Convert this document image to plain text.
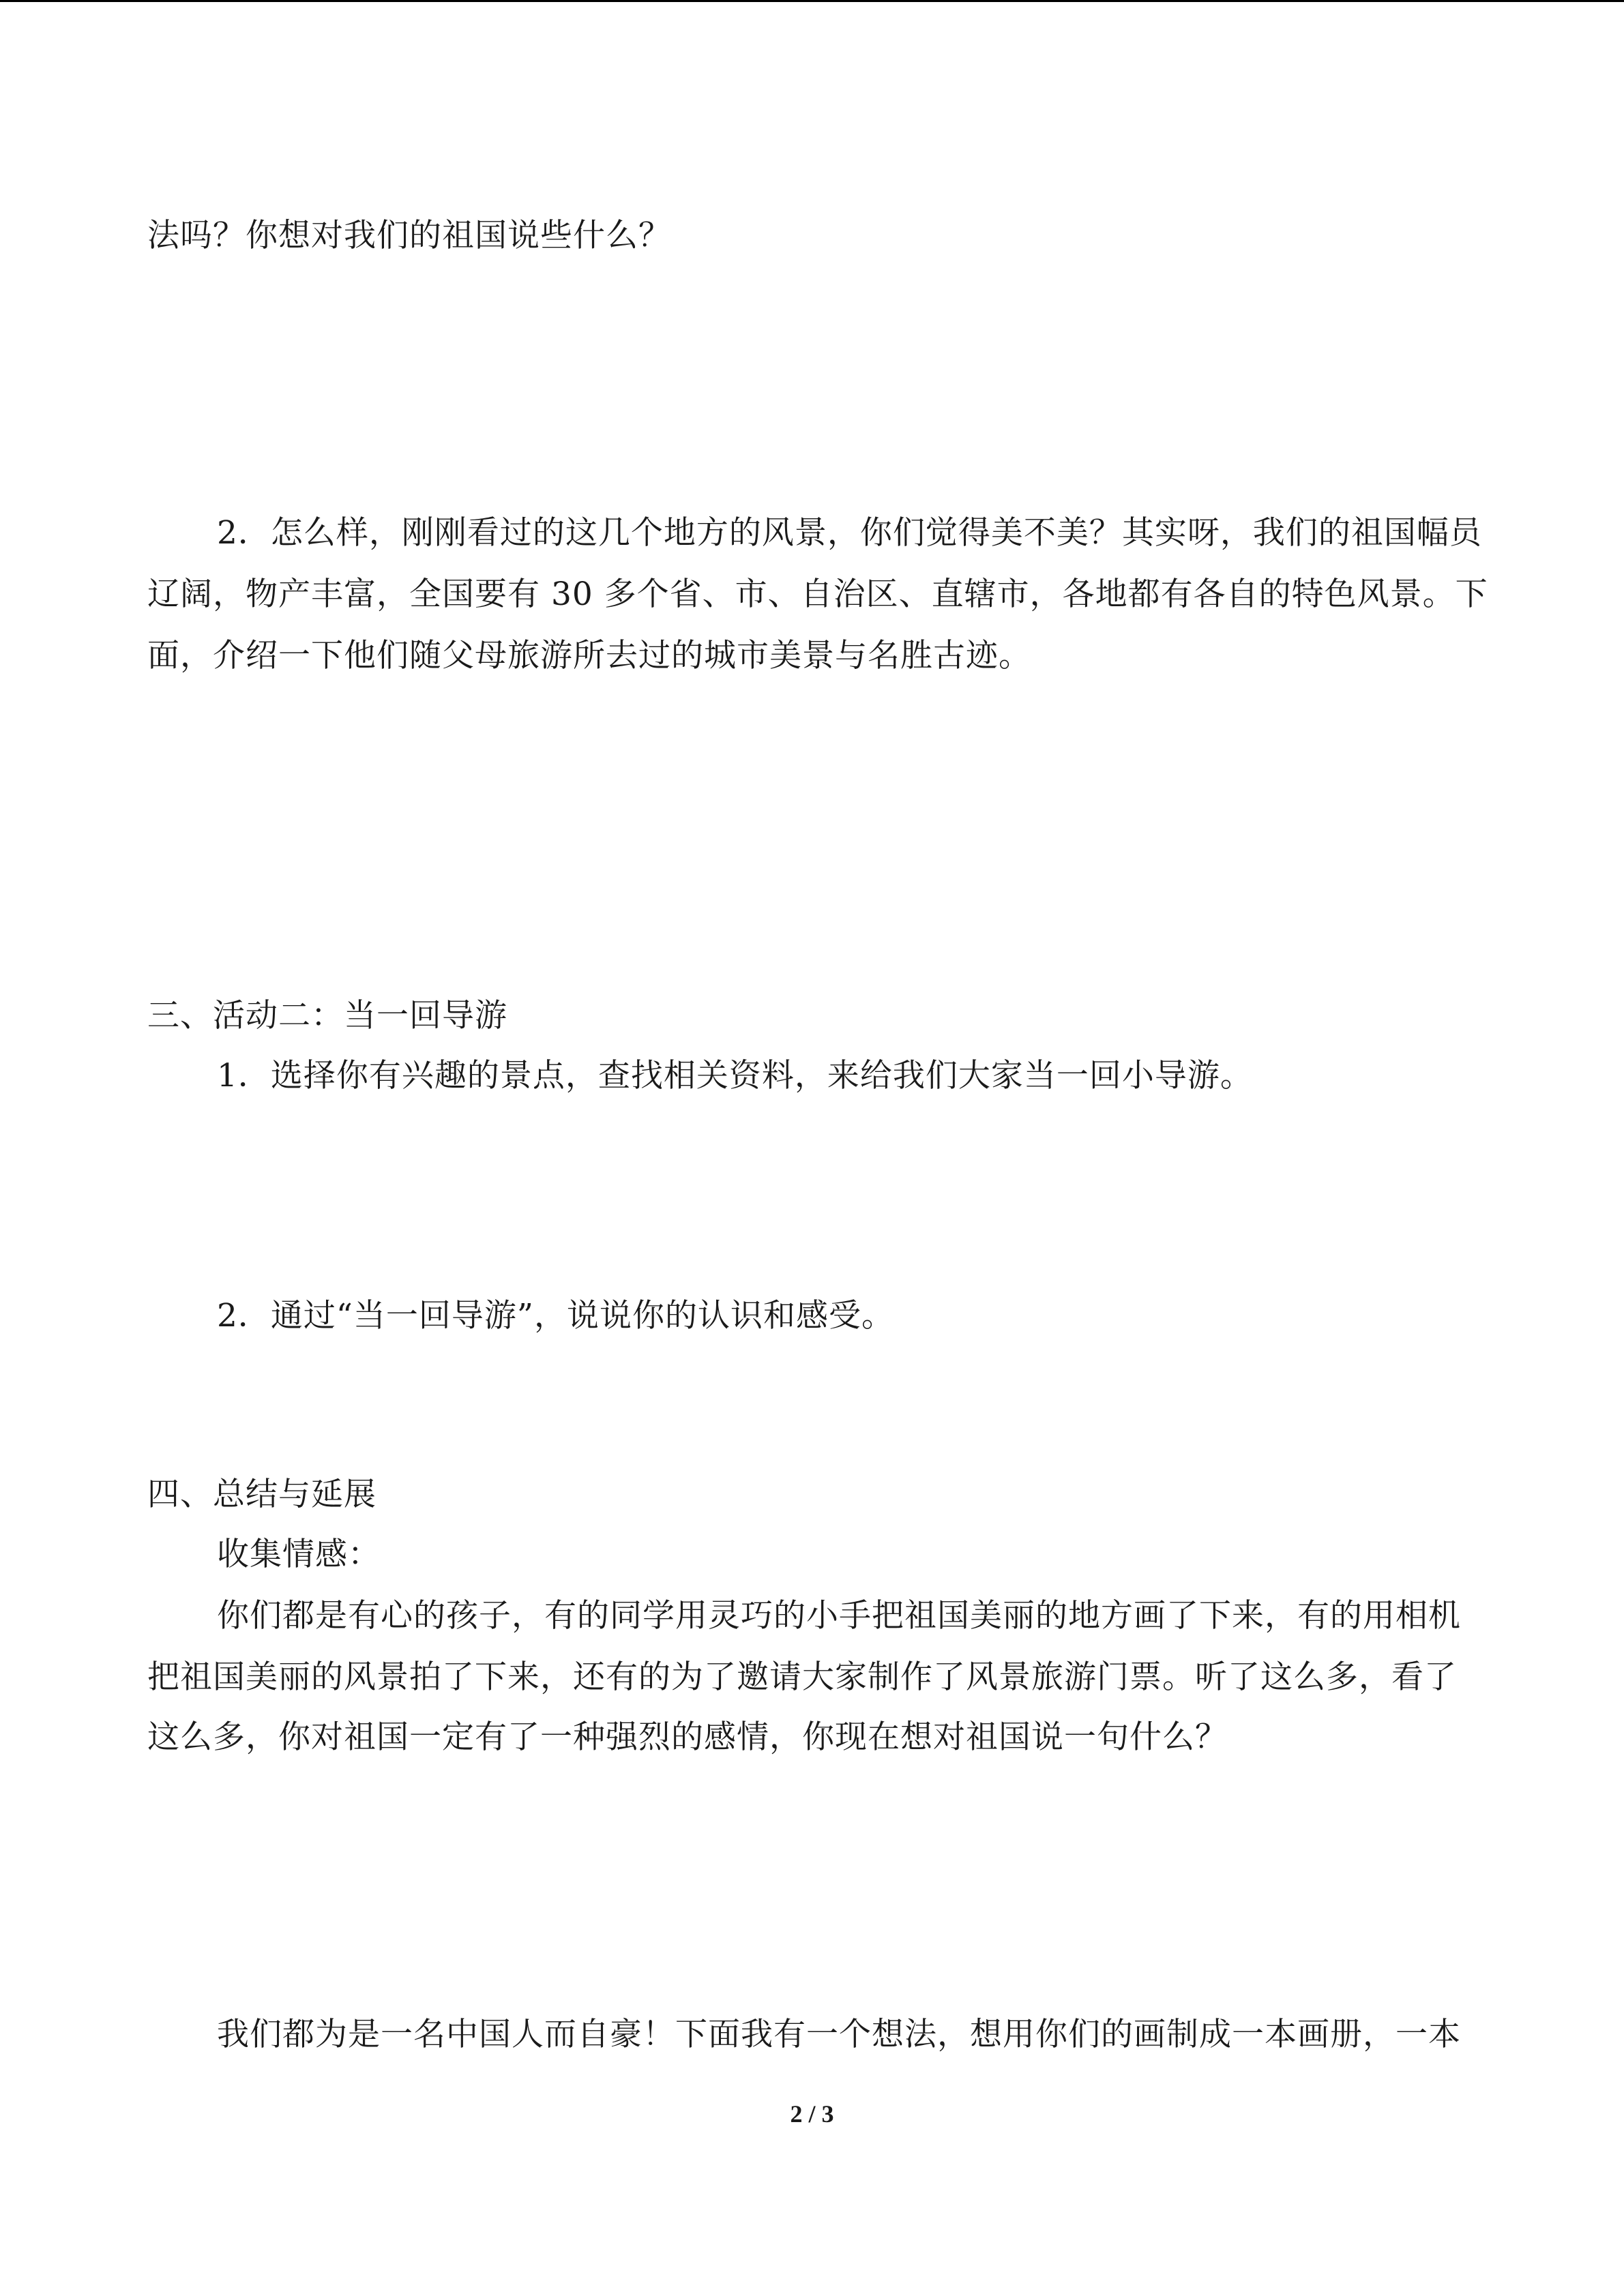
法吗？你想对我们的祖国说些什么？
2．怎么样，刚刚看过的这几个地方的风景，你们觉得美不美？其实呀，我们的祖国幅员
辽阔，物产丰富，全国要有 30 多个省、市、自治区、直辖市，各地都有各自的特色风景。下
面，介绍一下他们随父母旅游所去过的城市美景与名胜古迹。
三、活动二：当一回导游
1．选择你有兴趣的景点，查找相关资料，来给我们大家当一回小导游。
2．通过“当一回导游”，说说你的认识和感受。
四、总结与延展
收集情感：
你们都是有心的孩子，有的同学用灵巧的小手把祖国美丽的地方画了下来，有的用相机
把祖国美丽的风景拍了下来，还有的为了邀请大家制作了风景旅游门票。听了这么多，看了
这么多，你对祖国一定有了一种强烈的感情，你现在想对祖国说一句什么？
我们都为是一名中国人而自豪！下面我有一个想法，想用你们的画制成一本画册，一本
2 / 3
